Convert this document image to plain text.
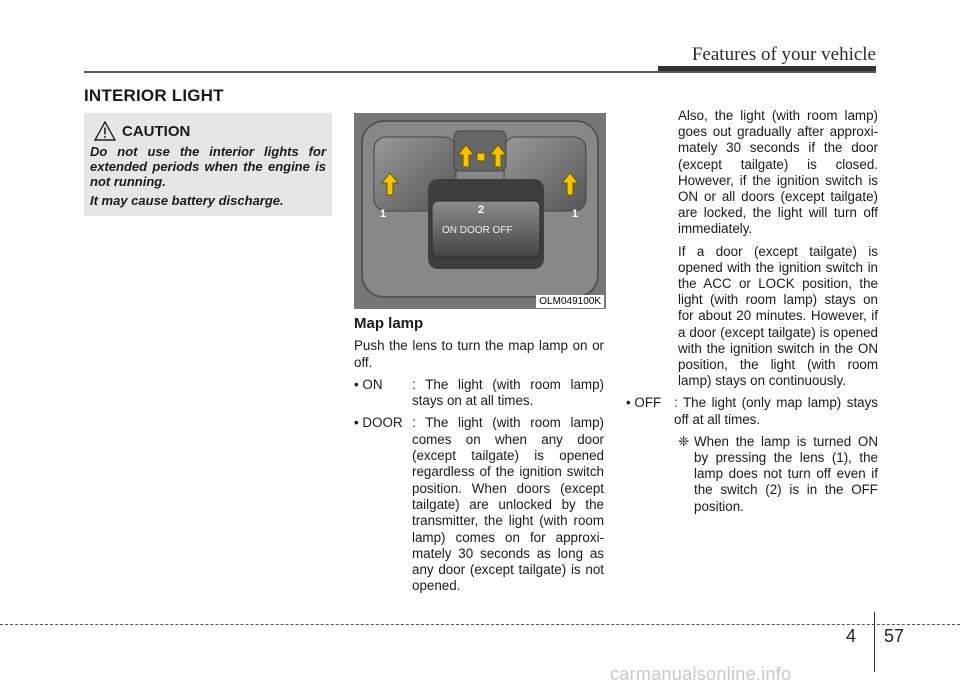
Features of your vehicle
INTERIOR LIGHT
CAUTION

Do not use the interior lights for extended periods when the engine is not running.

It may cause battery discharge.

ON DOOR OFF
1	1
2
OLM049100K
Map lamp
Push the lens to turn the map lamp on or off.
• ON	: The light (with room lamp) stays on at all times.
• DOOR : The light (with room lamp) comes on when any door (except tailgate) is opened regardless of the ignition switch position. When doors (except tailgate) are unlocked by the transmitter, the light (with room lamp) comes on for approxi-mately 30 seconds as long as any door (except tailgate) is not opened.
Also, the light (with room lamp) goes out gradually after approxi-mately 30 seconds if the door (except tailgate) is closed. However, if the ignition switch is ON or all doors (except tailgate) are locked, the light will turn off immediately.
If a door (except tailgate) is opened with the ignition switch in the ACC or LOCK position, the light (with room lamp) stays on for about 20 minutes. However, if a door (except tailgate) is opened with the ignition switch in the ON position, the light (with room lamp) stays on continuously.
• OFF : The light (only map lamp) stays off at all times.
❈ When the lamp is turned ON by pressing the lens (1), the lamp does not turn off even if the switch (2) is in the OFF position.
4 57
carmanualsonline.info
